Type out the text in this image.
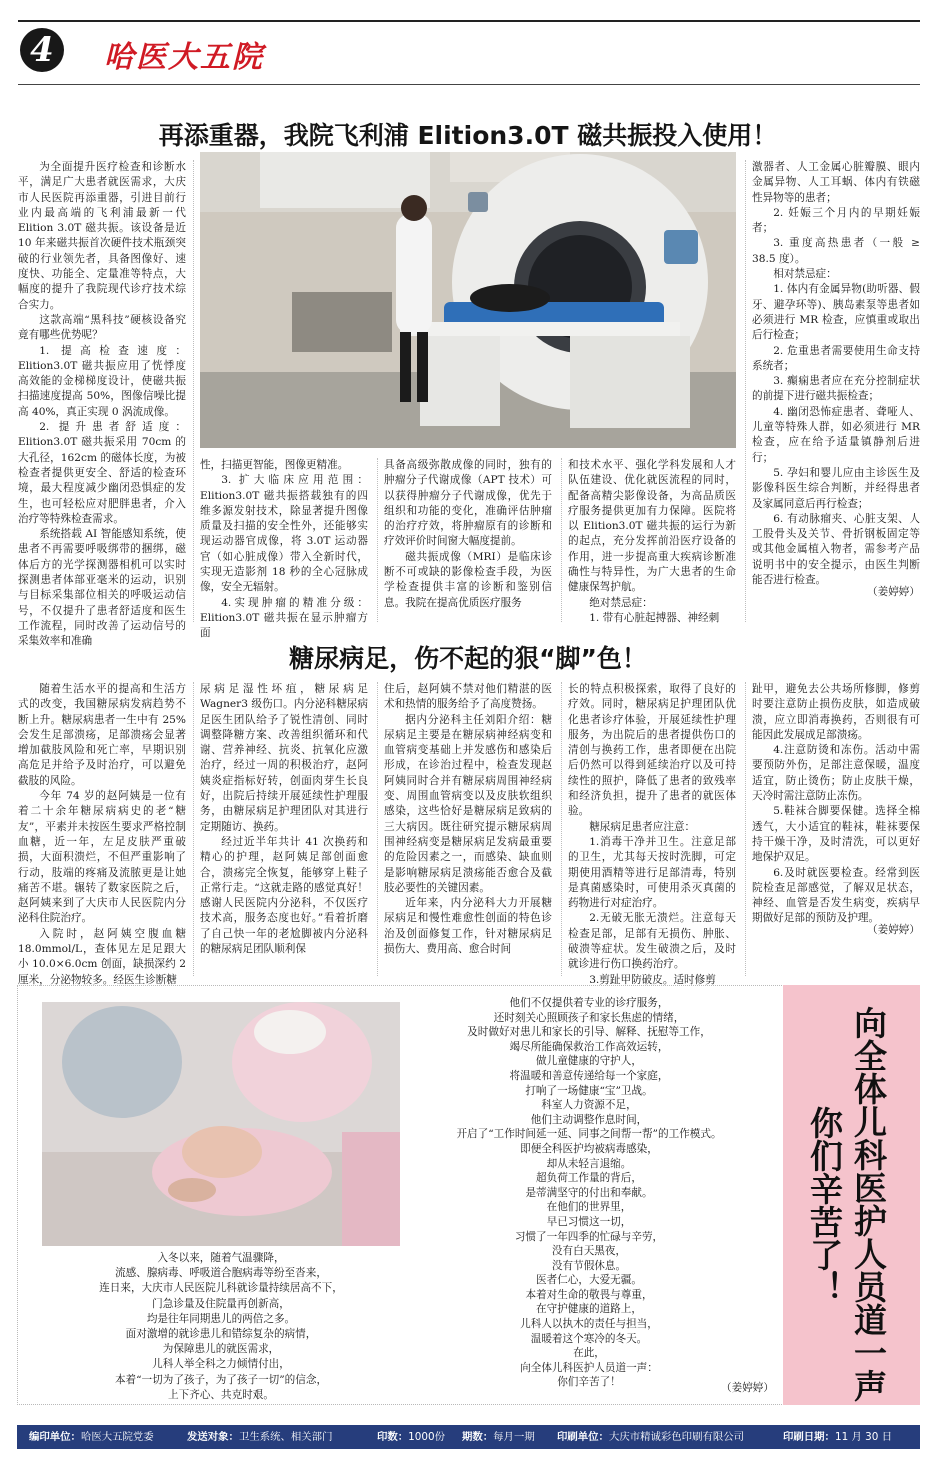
4	哈医大五院
再添重器，我院飞利浦 Elition3.0T 磁共振投入使用！

为全面提升医疗检查和诊断水平，满足广大患者就医需求，大庆市人民医院再添重器，引进目前行业内最高端的飞利浦最新一代 Elition 3.0T 磁共振。该设备是近 10 年来磁共振首次硬件技术瓶颈突破的行业领先者，具备图像好、速度快、功能全、定量准等特点，大幅度的提升了我院现代诊疗技术综合实力。

这款高端“黑科技”硬核设备究竟有哪些优势呢？

1. 提高检查速度：Elition3.0T 磁共振应用了恍悸度高效能的金梯梯度设计，使磁共振扫描速度提高 50%，图像信噪比提高 40%，真正实现 0 涡流成像。

2. 提升患者舒适度：Elition3.0T 磁共振采用 70cm 的大孔径，162cm 的磁体长度，为被检查者提供更安全、舒适的检查环境，最大程度减少幽闭恐惧症的发生，也可轻松应对肥胖患者，介入治疗等特殊检查需求。

系统搭载 AI 智能感知系统，使患者不再需要呼吸绑带的捆绑，磁体后方的光学探测器相机可以实时探测患者体部亚毫米的运动，识别与目标采集部位相关的呼吸运动信号，不仅提升了患者舒适度和医生工作流程，同时改善了运动信号的采集效率和准确

性，扫描更智能，图像更精准。

3. 扩大临床应用范围：Elition3.0T 磁共振搭载独有的四维多源发射技术，除显著提升图像质量及扫描的安全性外，还能够实现运动器官成像，将 3.0T 运动器官（如心脏成像）带入全新时代，实现无造影剂 18 秒的全心冠脉成像，安全无辐射。

4.实现肿瘤的精准分级：Elition3.0T 磁共振在显示肿瘤方面

具备高级弥散成像的同时，独有的肿瘤分子代谢成像（APT 技术）可以获得肿瘤分子代谢成像，优先于组织和功能的变化，准确评估肿瘤的治疗疗效，将肿瘤原有的诊断和疗效评价时间窗大幅度提前。

磁共振成像（MRI）是临床诊断不可或缺的影像检查手段，为医学检查提供丰富的诊断和鉴别信息。我院在提高优质医疗服务

和技术水平、强化学科发展和人才队伍建设、优化就医流程的同时，配备高精尖影像设备，为高品质医疗服务提供更加有力保障。医院将以 Elition3.0T 磁共振的运行为新的起点，充分发挥前沿医疗设备的作用，进一步提高重大疾病诊断准确性与特异性，为广大患者的生命健康保驾护航。

绝对禁忌症：

1. 带有心脏起搏器、神经刺

激器者、人工金属心脏瓣膜、眼内金属异物、人工耳蜗、体内有铁磁性异物等的患者；

2. 妊娠三个月内的早期妊娠者；

3. 重度高热患者（一般 ≥ 38.5 度）。

相对禁忌症：

1. 体内有金属异物(助听器、假牙、避孕环等)、胰岛素泵等患者如必须进行 MR 检查，应慎重或取出后行检查；

2. 危重患者需要使用生命支持系统者；

3. 癫痫患者应在充分控制症状的前提下进行磁共振检查；

4. 幽闭恐怖症患者、聋哑人、儿童等特殊人群，如必须进行 MR 检查，应在给予适量镇静剂后进行；

5. 孕妇和婴儿应由主诊医生及影像科医生综合判断，并经得患者及家属同意后再行检查；

6. 有动脉瘤夹、心脏支架、人工股骨头及关节、骨折钢板固定等或其他金属植入物者，需参考产品说明书中的安全提示，由医生判断能否进行检查。

（姜婷婷）
糖尿病足，伤不起的狠“脚”色！

随着生活水平的提高和生活方式的改变，我国糖尿病发病趋势不断上升。糖尿病患者一生中有 25%会发生足部溃疡，足部溃疡会显著增加截肢风险和死亡率，早期识别高危足并给予及时治疗，可以避免截肢的风险。

今年 74 岁的赵阿姨是一位有着二十余年糖尿病病史的老“糖友”，平素并未按医生要求严格控制血糖，近一年，左足皮肤严重破损，大面积溃烂，不但严重影响了行动，肢端的疼痛及流脓更是让她痛苦不堪。辗转了数家医院之后，赵阿姨来到了大庆市人民医院内分泌科住院治疗。

入院时，赵阿姨空腹血糖 18.0mmol/L，查体见左足足跟大小 10.0×6.0cm 创面，缺损深约 2 厘米，分泌物较多。经医生诊断糖

尿病足湿性坏疽，糖尿病足 Wagner3 级伤口。内分泌科糖尿病足医生团队给予了锐性清创、同时调整降糖方案、改善组织循环和代谢、营养神经、抗炎、抗氧化应激治疗，经过一周的积极治疗，赵阿姨炎症指标好转，创面肉芽生长良好，出院后持续开展延续性护理服务，由糖尿病足护理团队对其进行定期随访、换药。

经过近半年共计 41 次换药和精心的护理，赵阿姨足部创面愈合，溃疡完全恢复，能够穿上鞋子正常行走。“这就走路的感觉真好！感谢人民医院内分泌科，不仅医疗技术高，服务态度也好。”看着折磨了自己快一年的老尬脚被内分泌科的糖尿病足团队顺利保

住后，赵阿姨不禁对他们精湛的医术和热情的服务给予了高度赞扬。

据内分泌科主任刘阳介绍：糖尿病足主要是在糖尿病神经病变和血管病变基础上并发感伤和感染后形成，在诊治过程中，检查发现赵阿姨同时合并有糖尿病周围神经病变、周围血管病变以及皮肤软组织感染，这些恰好是糖尿病足致病的三大病因。既往研究提示糖尿病周围神经病变是糖尿病足发病最重要的危险因素之一，而感染、缺血则是影响糖尿病足溃疡能否愈合及截肢必要性的关键因素。

近年来，内分泌科大力开展糖尿病足和慢性难愈性创面的特色诊治及创面修复工作，针对糖尿病足损伤大、费用高、愈合时间

长的特点积极探索，取得了良好的疗效。同时，糖尿病足护理团队优化患者诊疗体验，开展延续性护理服务，为出院后的患者提供伤口的清创与换药工作，患者即便在出院后仍然可以得到延续治疗以及可持续性的照护，降低了患者的致残率和经济负担，提升了患者的就医体验。

糖尿病足患者应注意：

1.消毒干净并卫生。注意足部的卫生，尤其每天按时洗脚，可定期使用酒精等进行足部清毒，特别是真菌感染时，可使用杀灭真菌的药物进行对症治疗。

2.无破无胀无溃烂。注意每天检查足部，足部有无损伤、肿胀、破溃等症状。发生破溃之后，及时就诊进行伤口换药治疗。

3.剪趾甲防破皮。适时修剪

趾甲，避免去公共场所修脚，修剪时要注意防止损伤皮肤，如造成破溃，应立即消毒换药，否则很有可能因此发展成足部溃疡。

4.注意防烫和冻伤。活动中需要预防外伤，足部注意保暖，温度适宜，防止烫伤；防止皮肤干燥，天冷时需注意防止冻伤。

5.鞋袜合脚要保健。选择全棉透气，大小适宜的鞋袜，鞋袜要保持干燥干净，及时清洗，可以更好地保护双足。

6.及时就医要检查。经常到医院检查足部感觉，了解双足状态，神经、血管是否发生病变，疾病早期做好足部的预防及护理。

（姜婷婷）
入冬以来，随着气温骤降，
流感、腺病毒、呼吸道合胞病毒等纷至沓来，
连日来，大庆市人民医院儿科就诊量持续居高不下，
门急诊量及住院量再创新高，
均是往年同期患儿的两倍之多。
面对激增的就诊患儿和错综复杂的病情，
为保障患儿的就医需求，
儿科人举全科之力倾情付出，
本着“一切为了孩子，为了孩子一切”的信念，
上下齐心、共克时艰。
他们不仅提供着专业的诊疗服务，
还时刻关心照顾孩子和家长焦虑的情绪，
及时做好对患儿和家长的引导、解释、抚慰等工作，
竭尽所能确保救治工作高效运转，
做儿童健康的守护人，
将温暖和善意传递给每一个家庭，
打响了一场健康“宝”卫战。
科室人力资源不足，
他们主动调整作息时间，
开启了“工作时间延一延、同事之间帮一帮”的工作模式。
即便全科医护均被病毒感染，
却从未轻言退缩。
超负荷工作量的背后，
是蒂满坚守的付出和奉献。
在他们的世界里，
早已习惯这一切，
习惯了一年四季的忙碌与辛劳，
没有白天黑夜，
没有节假休息。
医者仁心，大爱无疆。
本着对生命的敬畏与尊重，
在守护健康的道路上，
儿科人以执木的责任与担当，
温暖着这个寒冷的冬天。
在此，
向全体儿科医护人员道一声：
你们辛苦了！	（姜婷婷） 向全体儿科医护人员道一声
你们辛苦了！
编印单位：哈医大五院党委	发送对象：卫生系统、相关部门	印数：1000份 期数：每月一期 印刷单位：大庆市精诚彩色印刷有限公司	印刷日期：11 月 30 日
